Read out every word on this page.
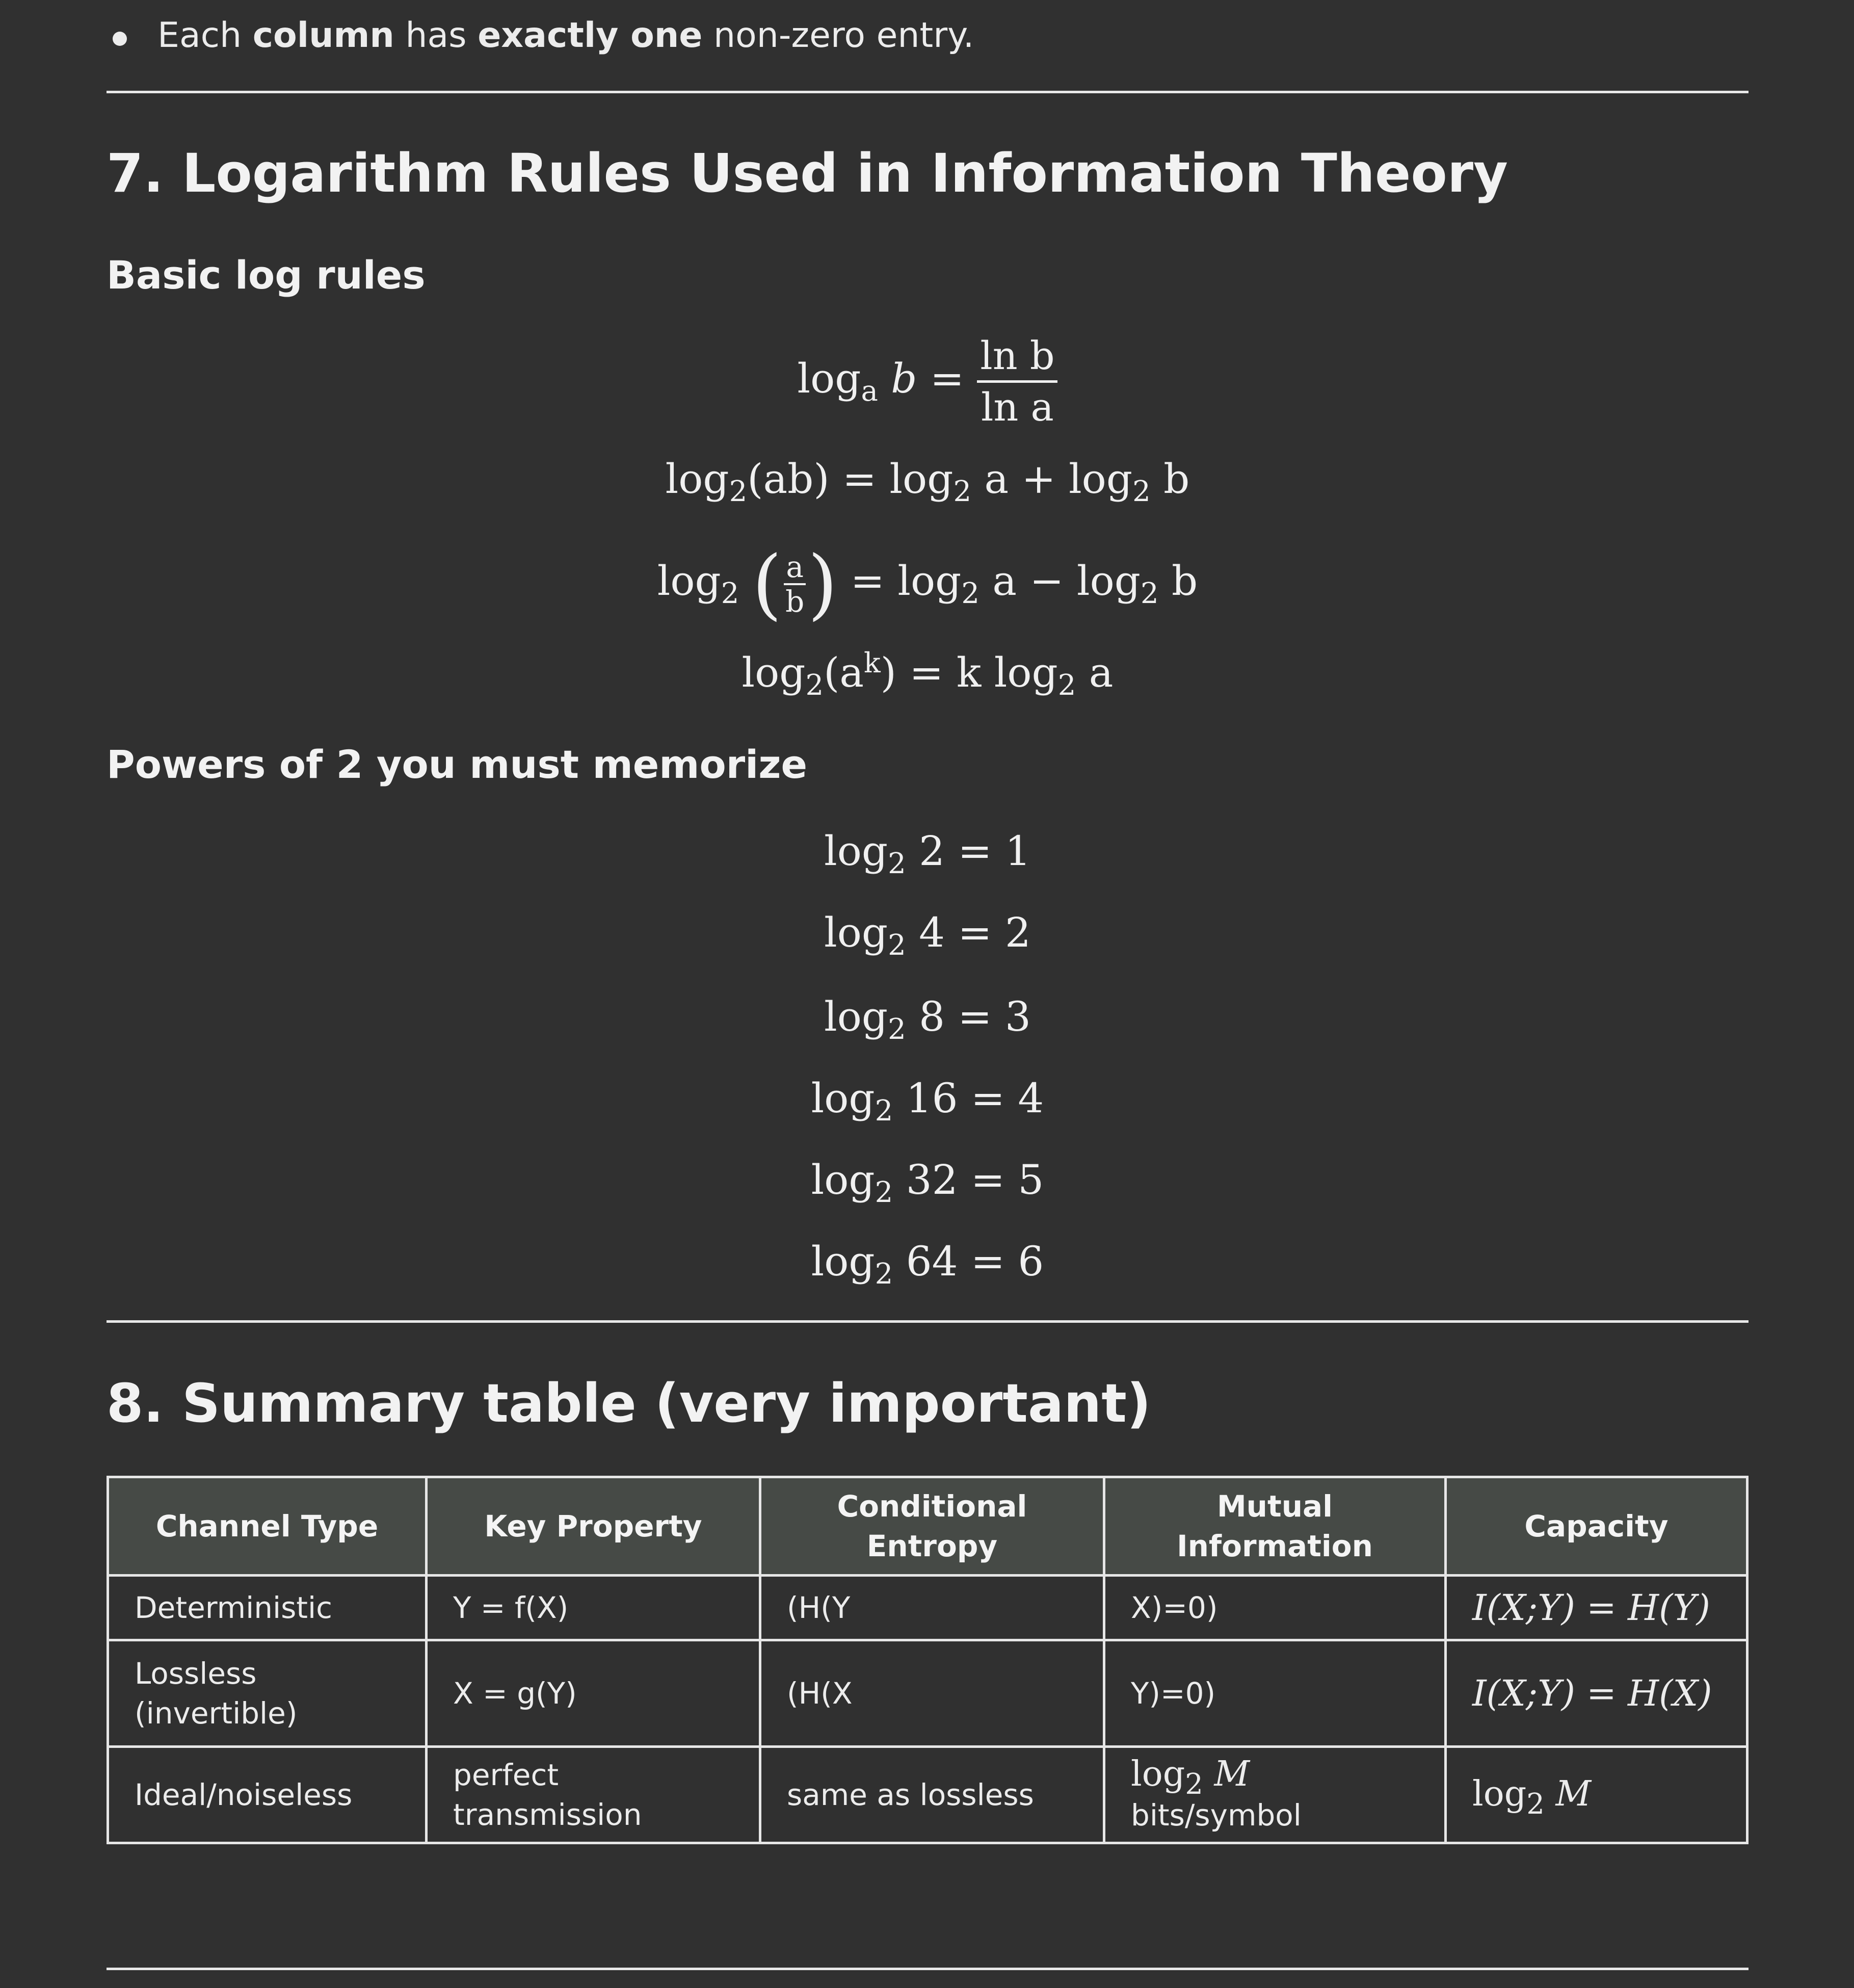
Each column has exactly one non-zero entry.
7. Logarithm Rules Used in Information Theory
Basic log rules
$\log_a b = \frac{\text{ln b}}{\text{ln a}}$
$\log_2(ab) = \log_2 a + \log_2 b$
$\log_2$ ( $\frac{a}{b}) = \log_2 a - \log_2 b$
$\log_2(a^k) = k$ $\log_2 a$
Powers of 2 you must memorize
$\log_2 2 = 1$
$\log_2 4 = 2$
$\log_2 8 = 3$
$\log_2 16 = 4$
$\log_2 32 = 5$
$\log_2 64 = 6$
8. Summary table (very important)
Channel Type	Key Property	Conditional Entropy	Mutual Information	Capacity
Deterministic	Y = f(X)	(H(Y	X)=0)	I(X;Y) = H(Y)
Lossless (invertible)	X = g(Y)	(H(X	Y)=0)	I(X;Y) = H(X)
Ideal/noiseless	perfect transmission	same as lossless	$\log_2 M$ bits/symbol	$\log_2 M$
